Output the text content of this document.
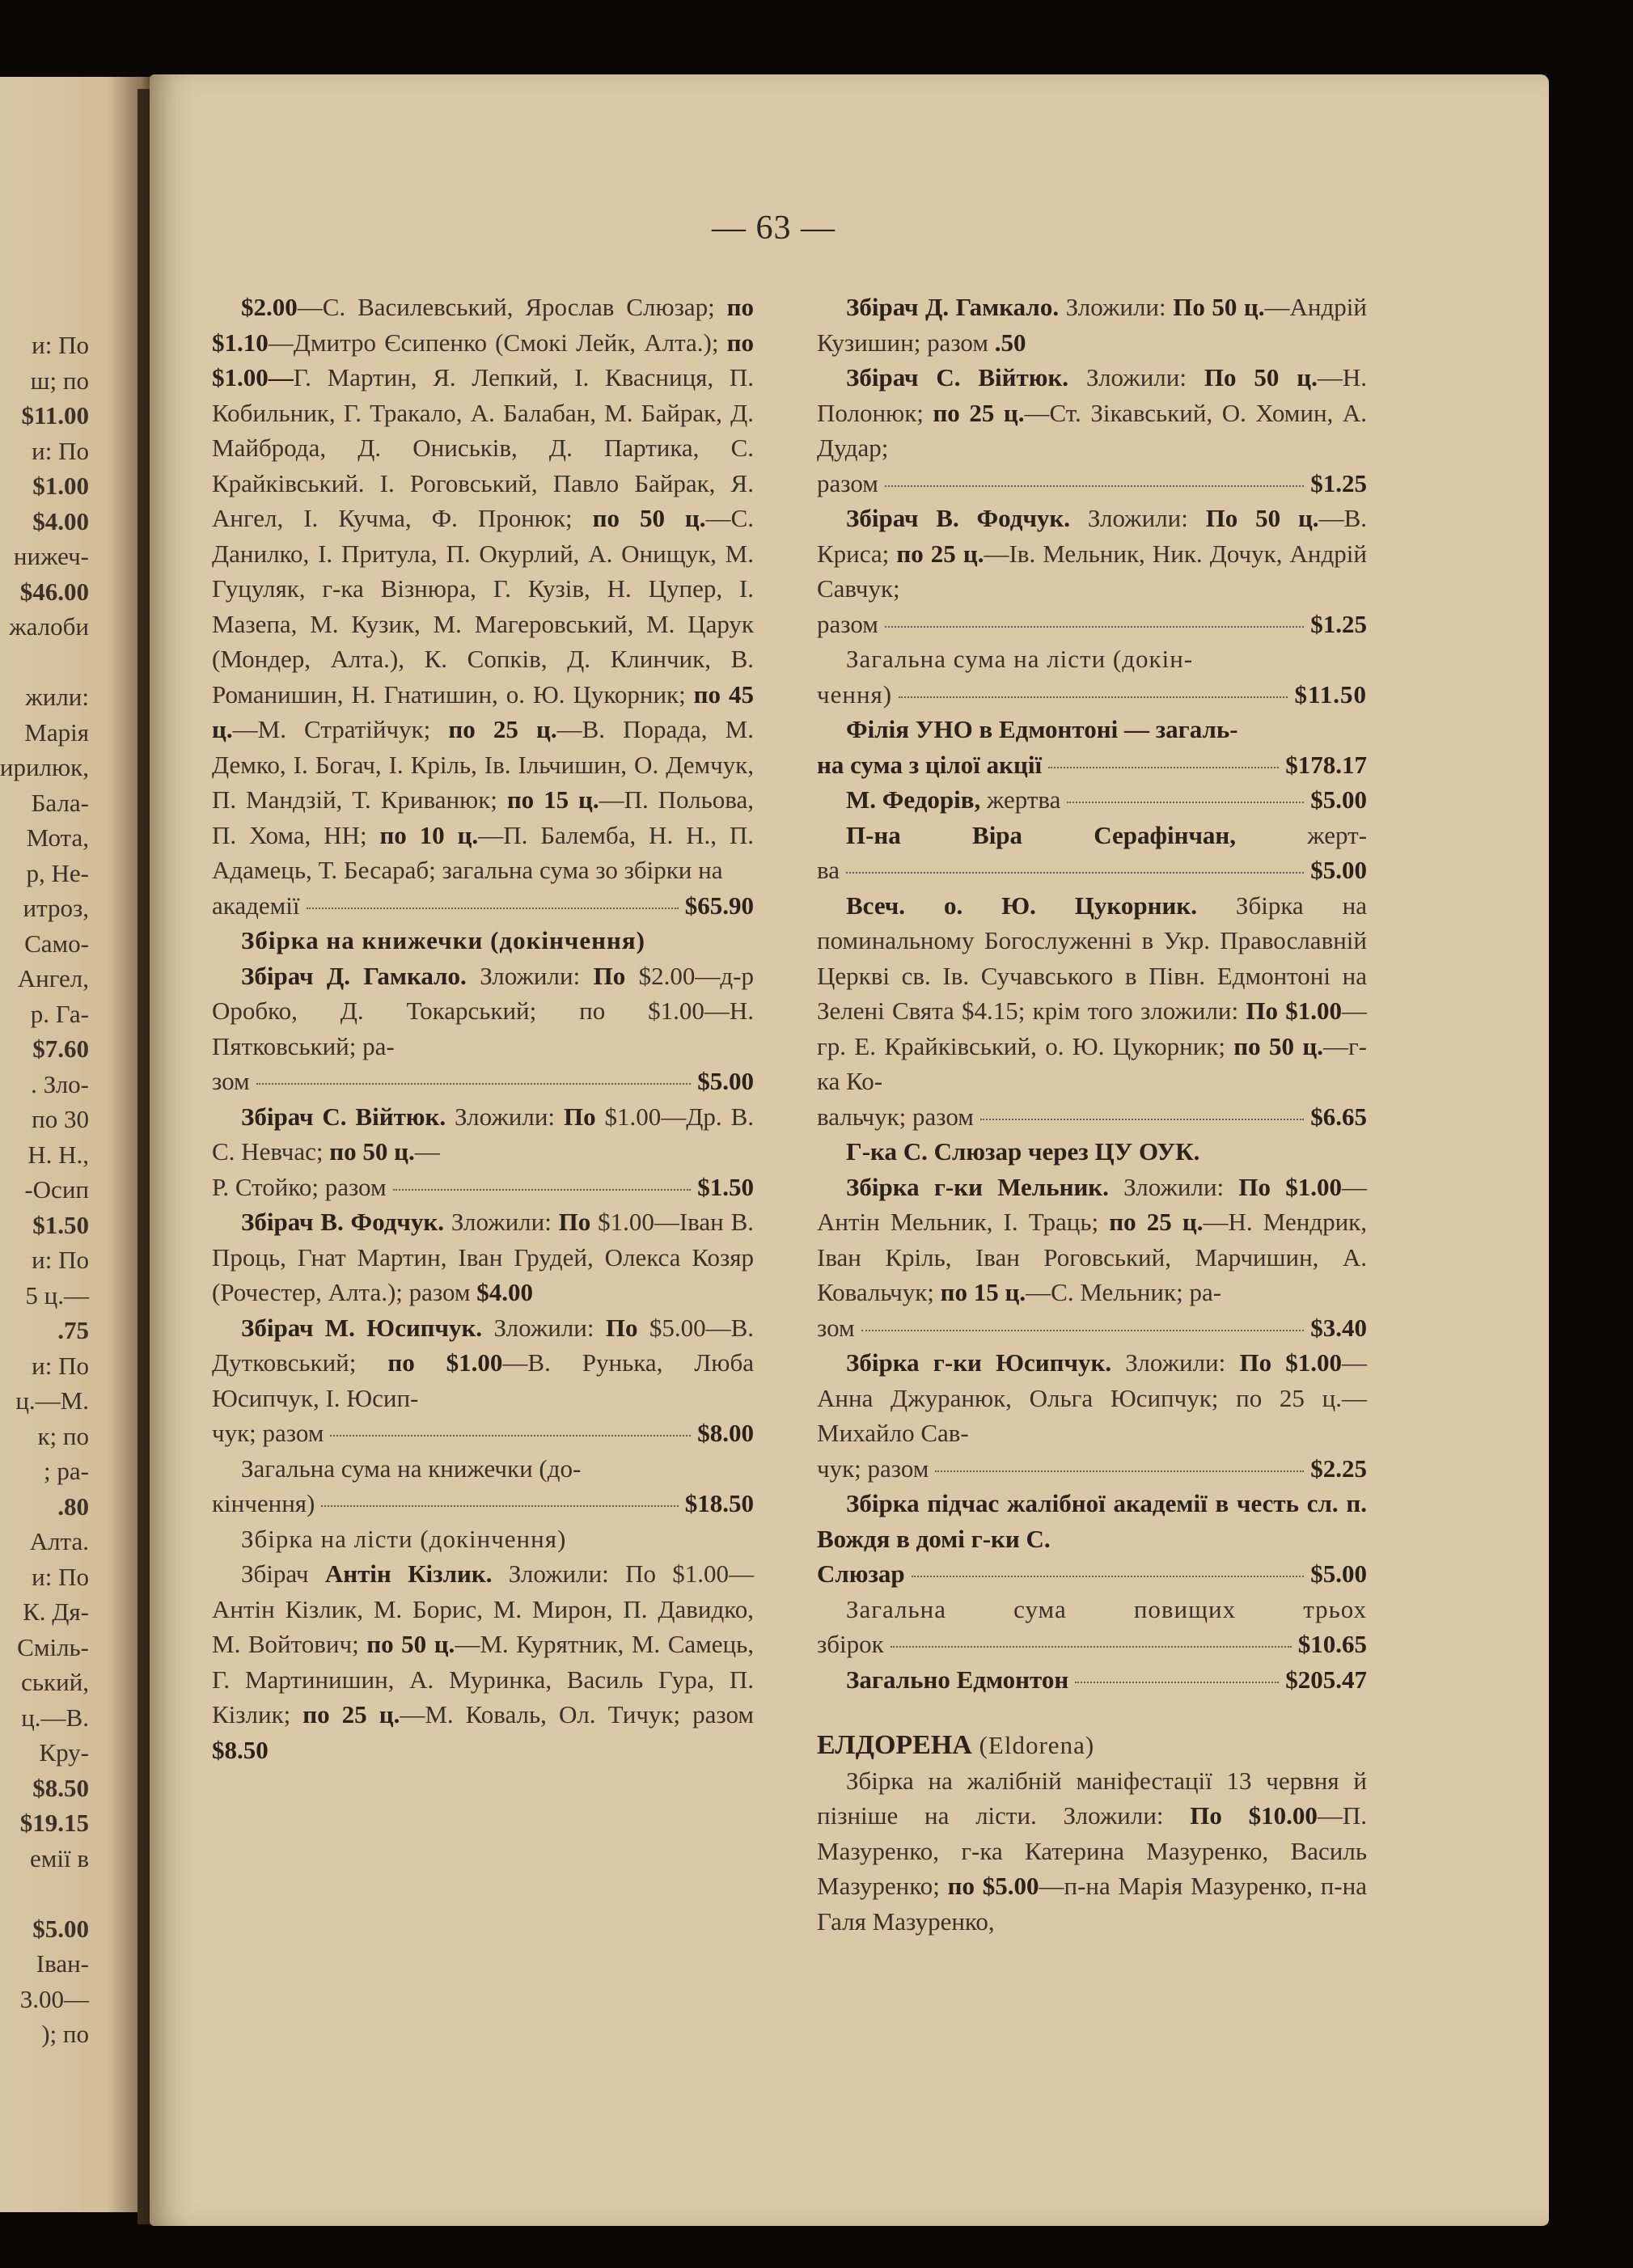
и: По
ш; по
$11.00
и: По
$1.00
$4.00
нижеч-
$46.00
жалоби

жили:
Марія
ирилюк,
Бала-
Мота,
р, Не-
итроз,
Само-
Ангел,
р. Га-
$7.60
. Зло-
по 30
Н. Н.,
-Осип
$1.50
и: По
5 ц.—
.75
и: По
ц.—М.
к; по
; ра-
.80
Алта.
и: По
К. Дя-
Сміль-
ський,
ц.—В.
Кру-
$8.50
$19.15
емії в

$5.00
Іван-
3.00—
); по
— 63 —
$2.00—С. Василевський, Ярослав Слюзар; по $1.10—Дмитро Єсипенко (Смокі Лейк, Алта.); по $1.00—Г. Мартин, Я. Лепкий, І. Квасниця, П. Кобильник, Г. Тракало, А. Балабан, М. Байрак, Д. Майброда, Д. Ониськів, Д. Партика, С. Крайківський. І. Роговський, Павло Байрак, Я. Ангел, І. Кучма, Ф. Пронюк; по 50 ц.—С. Данилко, І. Притула, П. Окурлий, А. Онищук, М. Гуцуляк, г-ка Візнюра, Г. Кузів, Н. Цупер, І. Мазепа, М. Кузик, М. Магеровський, М. Царук (Мондер, Алта.), К. Сопків, Д. Клинчик, В. Романишин, Н. Гнатишин, о. Ю. Цукорник; по 45 ц.—М. Стратійчук; по 25 ц.—В. Порада, М. Демко, І. Богач, І. Кріль, Ів. Ільчишин, О. Демчук, П. Мандзій, Т. Криванюк; по 15 ц.—П. Польова, П. Хома, НН; по 10 ц.—П. Балемба, Н. Н., П. Адамець, Т. Бесараб; загальна сума зо збірки на
академії	$65.90
Збірка на книжечки (докінчення)
Збірач Д. Гамкало. Зложили: По $2.00—д-р Оробко, Д. Токарський; по $1.00—Н. Пятковський; ра-
зом	$5.00
Збірач С. Війтюк. Зложили: По $1.00—Др. В. С. Невчас; по 50 ц.—
Р. Стойко; разом	$1.50
Збірач В. Фодчук. Зложили: По $1.00—Іван В. Проць, Гнат Мартин, Іван Грудей, Олекса Козяр (Рочестер, Алта.); разом $4.00
Збірач М. Юсипчук. Зложили: По $5.00—В. Дутковський; по $1.00—В. Рунька, Люба Юсипчук, І. Юсип-
чук; разом	$8.00
Загальна сума на книжечки (до-
кінчення)	$18.50
Збірка на лісти (докінчення)
Збірач Антін Кізлик. Зложили: По $1.00—Антін Кізлик, М. Борис, М. Мирон, П. Давидко, М. Войтович; по 50 ц.—М. Курятник, М. Самець, Г. Мартинишин, А. Муринка, Василь Гура, П. Кізлик; по 25 ц.—М. Коваль, Ол. Тичук; разом $8.50
Збірач Д. Гамкало. Зложили: По 50 ц.—Андрій Кузишин; разом .50
Збірач С. Війтюк. Зложили: По 50 ц.—Н. Полонюк; по 25 ц.—Ст. Зікавський, О. Хомин, А. Дудар;
разом	$1.25
Збірач В. Фодчук. Зложили: По 50 ц.—В. Криса; по 25 ц.—Ів. Мельник, Ник. Дочук, Андрій Савчук;
разом	$1.25
Загальна сума на лісти (докін-
чення)	$11.50
Філія УНО в Едмонтоні — загаль-
на сума з цілої акції	$178.17
М. Федорів, жертва	$5.00
П-на Віра Серафінчан, жерт-
ва	$5.00
Всеч. о. Ю. Цукорник. Збірка на поминальному Богослуженні в Укр. Православній Церкві св. Ів. Сучавського в Півн. Едмонтоні на Зелені Свята $4.15; крім того зложили: По $1.00—гр. Е. Крайківський, о. Ю. Цукорник; по 50 ц.—г-ка Ко-
вальчук; разом	$6.65
Г-ка С. Слюзар через ЦУ ОУК.
Збірка г-ки Мельник. Зложили: По $1.00—Антін Мельник, І. Траць; по 25 ц.—Н. Мендрик, Іван Кріль, Іван Роговський, Марчишин, А. Ковальчук; по 15 ц.—С. Мельник; ра-
зом	$3.40
Збірка г-ки Юсипчук. Зложили: По $1.00—Анна Джуранюк, Ольга Юсипчук; по 25 ц.—Михайло Сав-
чук; разом	$2.25
Збірка підчас жалібної академії в честь сл. п. Вождя в домі г-ки С.
Слюзар	$5.00
Загальна сума повищих трьох
збірок	$10.65
Загально Едмонтон	$205.47
ЕЛДОРЕНА (Eldorena)
Збірка на жалібній маніфестації 13 червня й пізніше на лісти. Зложили: По $10.00—П. Мазуренко, г-ка Катерина Мазуренко, Василь Мазуренко; по $5.00—п-на Марія Мазуренко, п-на Галя Мазуренко,
